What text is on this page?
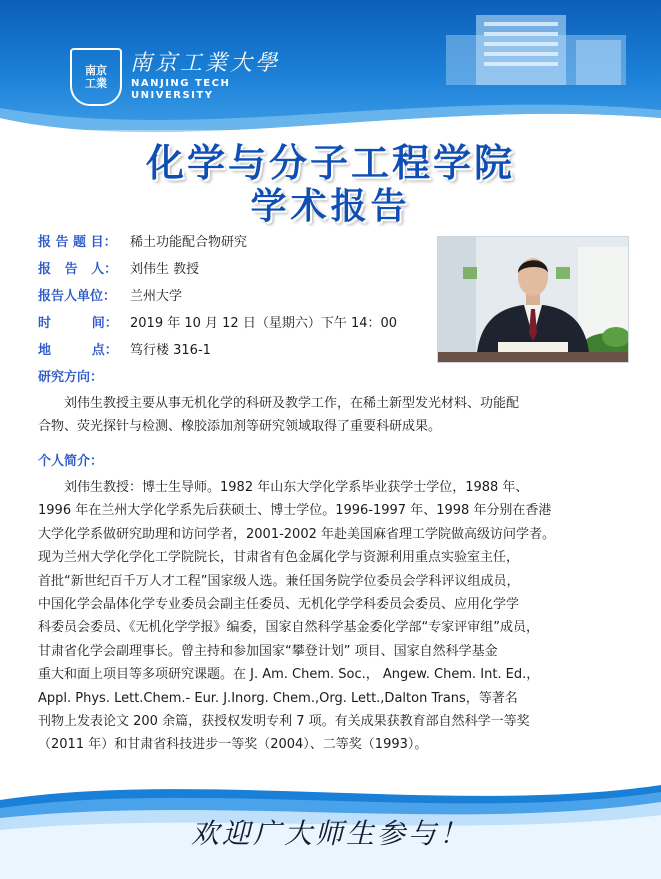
南京
工業
南京工業大學
NANJING TECH
UNIVERSITY
化学与分子工程学院
学术报告
报 告 题 目：	稀土功能配合物研究
报   告   人： 刘伟生 教授
报告人单位：	兰州大学
时         间： 2019 年 10 月 12 日（星期六）下午 14：00
地         点： 笃行楼 316-1
研究方向：
刘伟生教授主要从事无机化学的科研及教学工作，在稀土新型发光材料、功能配
合物、荧光探针与检测、橡胶添加剂等研究领域取得了重要科研成果。
个人简介：
刘伟生教授：博士生导师。1982 年山东大学化学系毕业获学士学位，1988 年、
1996 年在兰州大学化学系先后获硕士、博士学位。1996-1997 年、1998 年分别在香港
大学化学系做研究助理和访问学者，2001-2002 年赴美国麻省理工学院做高级访问学者。
现为兰州大学化学化工学院院长，甘肃省有色金属化学与资源利用重点实验室主任，
首批“新世纪百千万人才工程”国家级人选。兼任国务院学位委员会学科评议组成员，
中国化学会晶体化学专业委员会副主任委员、无机化学学科委员会委员、应用化学学
科委员会委员、《无机化学学报》编委，国家自然科学基金委化学部“专家评审组”成员，
甘肃省化学会副理事长。曾主持和参加国家“攀登计划” 项目、国家自然科学基金
重大和面上项目等多项研究课题。在 J. Am. Chem. Soc.， Angew. Chem. Int. Ed.，
Appl. Phys. Lett.Chem.- Eur. J.Inorg. Chem.,Org. Lett.,Dalton Trans，等著名
刊物上发表论文 200 余篇，获授权发明专利 7 项。有关成果获教育部自然科学一等奖
（2011 年）和甘肃省科技进步一等奖（2004）、二等奖（1993）。
欢迎广大师生参与！
